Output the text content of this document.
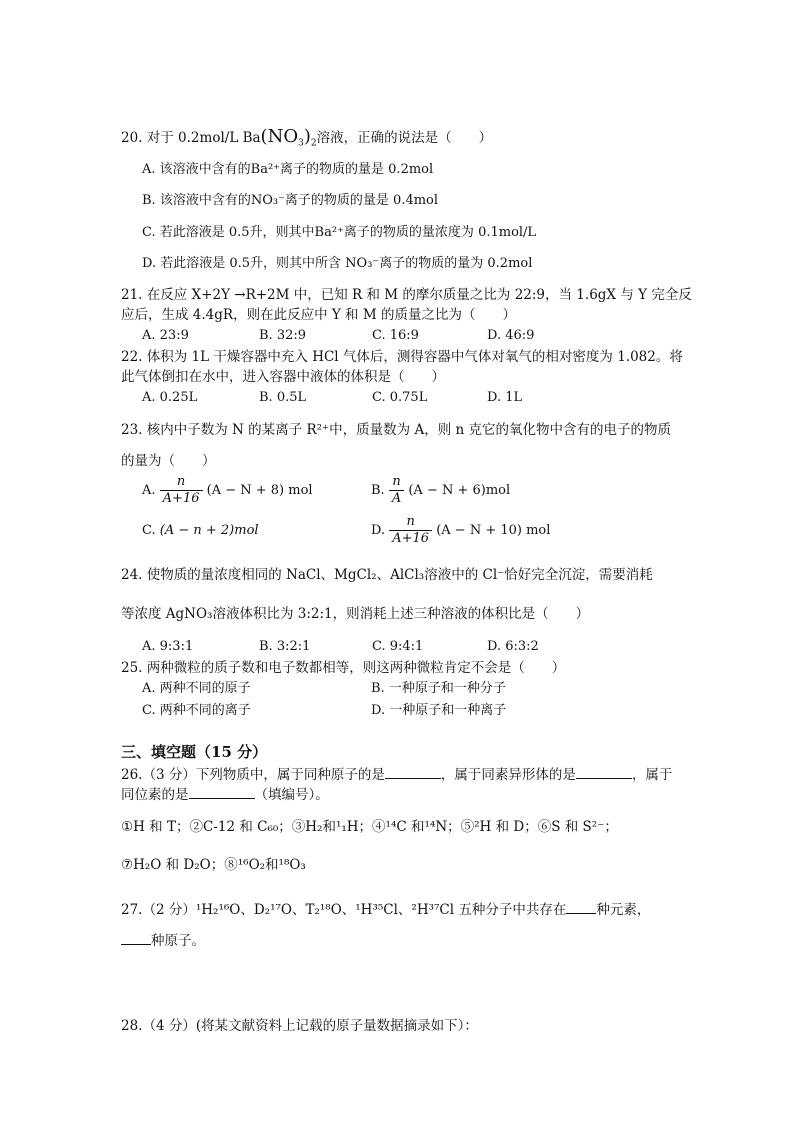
20. 对于 0.2mol/L $Ba(NO_3)_2$溶液，正确的说法是（　　）
A. 该溶液中含有的Ba²⁺离子的物质的量是 0.2mol
B. 该溶液中含有的NO₃⁻离子的物质的量是 0.4mol
C. 若此溶液是 0.5升，则其中Ba²⁺离子的物质的量浓度为 0.1mol/L
D. 若此溶液是 0.5升，则其中所含 NO₃⁻离子的物质的量为 0.2mol
21. 在反应 X+2Y →R+2M 中，已知 R 和 M 的摩尔质量之比为 22:9，当 1.6gX 与 Y 完全反
应后，生成 4.4gR，则在此反应中 Y 和 M 的质量之比为（　　）
A. 23:9	B. 32:9	C. 16:9	D. 46:9
22. 体积为 1L 干燥容器中充入 HCl 气体后，测得容器中气体对氧气的相对密度为 1.082。将
此气体倒扣在水中，进入容器中液体的体积是（　　）
A. 0.25L	B. 0.5L	C. 0.75L	D. 1L
23. 核内中子数为 N 的某离子 R²⁺中，质量数为 A，则 n 克它的氧化物中含有的电子的物质
的量为（　　）
A. $\frac{n}{A+16} (A - N + 8)$ mol	B. $\frac{n}{A} (A - N + 6)mol$
C. (A − n + 2)mol	D. $\frac{n}{A+16} (A - N + 10)$ mol
24. 使物质的量浓度相同的 NaCl、MgCl₂、AlCl₃溶液中的 Cl⁻恰好完全沉淀，需要消耗
等浓度 AgNO₃溶液体积比为 3:2:1，则消耗上述三种溶液的体积比是（　　）
A. 9:3:1	B. 3:2:1	C. 9:4:1	D. 6:3:2
25. 两种微粒的质子数和电子数都相等，则这两种微粒肯定不会是（　　）
A. 两种不同的原子	B. 一种原子和一种分子
C. 两种不同的离子	D. 一种原子和一种离子
三、填空题（15 分）
26.（3 分）下列物质中，属于同种原子的是	，属于同素异形体的是	，属于
同位素的是	（填编号）。
①H 和 T；②C-12 和 C₆₀；③H₂和¹₁H；④¹⁴C 和¹⁴N；⑤²H 和 D；⑥S 和 S²⁻；
⑦H₂O 和 D₂O；⑧¹⁶O₂和¹⁸O₃
27.（2 分）¹H₂¹⁶O、D₂¹⁷O、T₂¹⁸O、¹H³⁵Cl、²H³⁷Cl 五种分子中共存在 种元素，
种原子。
28.（4 分）(将某文献资料上记载的原子量数据摘录如下）：
